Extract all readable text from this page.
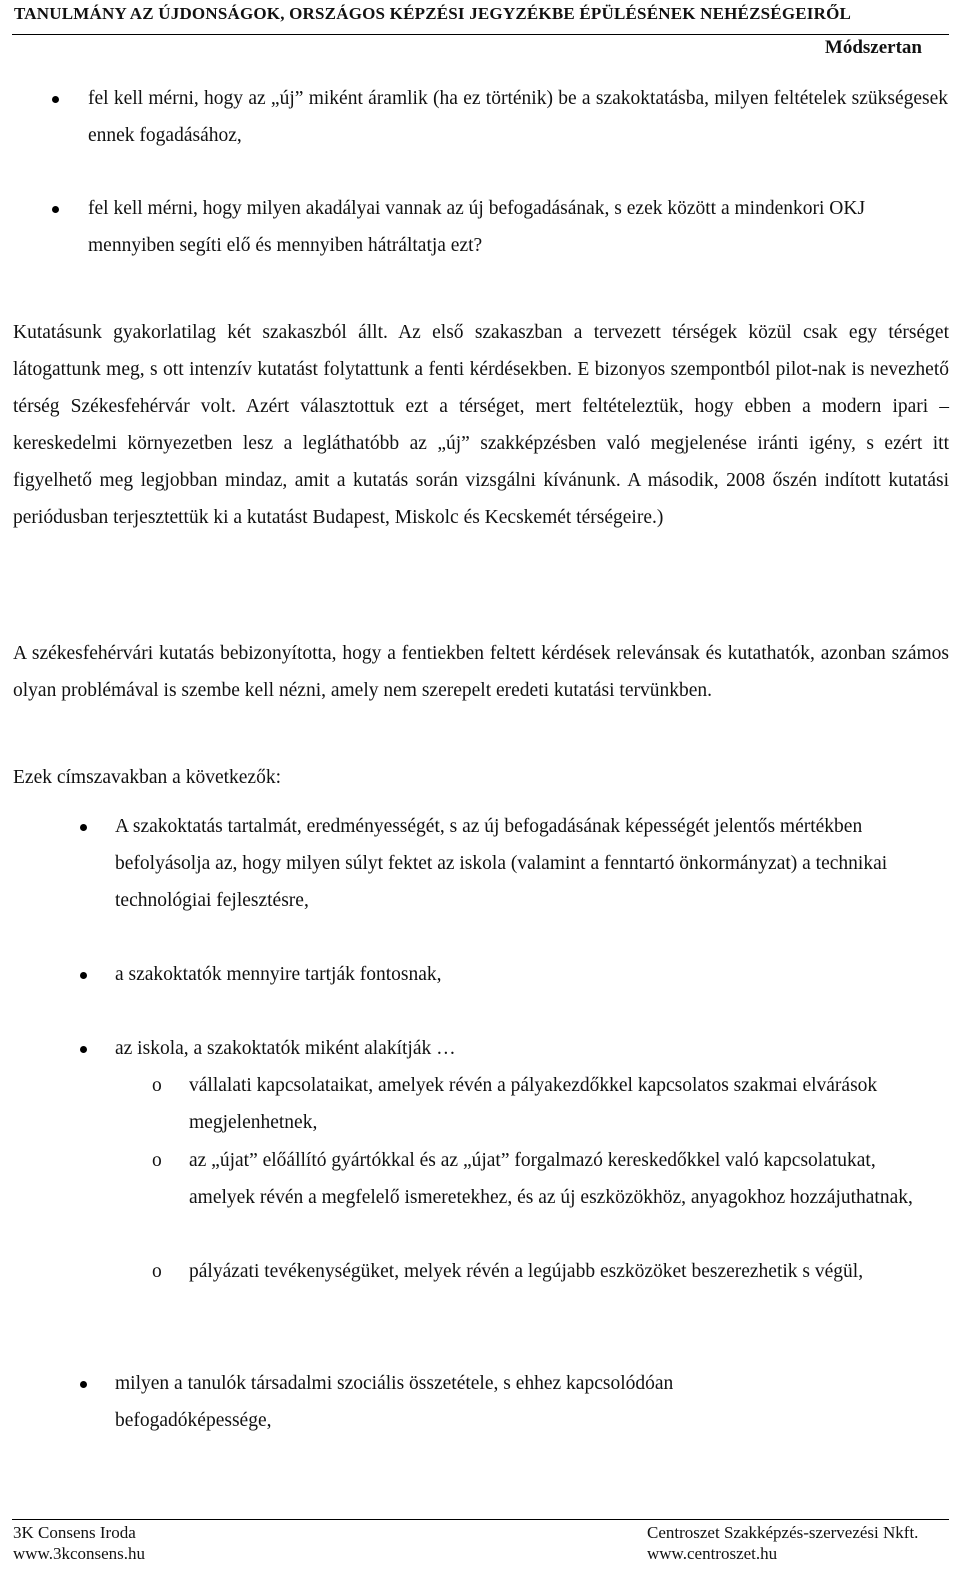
TANULMÁNY AZ ÚJDONSÁGOK, ORSZÁGOS KÉPZÉSI JEGYZÉKBE ÉPÜLÉSÉNEK NEHÉZSÉGEIRŐL
Módszertan
fel kell mérni, hogy az „új” miként áramlik (ha ez történik) be a szakoktatásba, milyen feltételek szükségesek ennek fogadásához,
fel kell mérni, hogy milyen akadályai vannak az új befogadásának, s ezek között a mindenkori OKJ mennyiben segíti elő és mennyiben hátráltatja ezt?
Kutatásunk gyakorlatilag két szakaszból állt. Az első szakaszban a tervezett térségek közül csak egy térséget látogattunk meg, s ott intenzív kutatást folytattunk a fenti kérdésekben. E bizonyos szempontból pilot-nak is nevezhető térség Székesfehérvár volt. Azért választottuk ezt a térséget, mert feltételeztük, hogy ebben a modern ipari –kereskedelmi környezetben lesz a legláthatóbb az „új” szakképzésben való megjelenése iránti igény, s ezért itt figyelhető meg legjobban mindaz, amit a kutatás során vizsgálni kívánunk. A második, 2008 őszén indított kutatási periódusban terjesztettük ki a kutatást Budapest, Miskolc és Kecskemét térségeire.)
A székesfehérvári kutatás bebizonyította, hogy a fentiekben feltett kérdések relevánsak és kutathatók, azonban számos olyan problémával is szembe kell nézni, amely nem szerepelt eredeti kutatási tervünkben.
Ezek címszavakban a következők:
A szakoktatás tartalmát, eredményességét, s az új befogadásának képességét jelentős mértékben befolyásolja az, hogy milyen súlyt fektet az iskola (valamint a fenntartó önkormányzat) a technikai technológiai fejlesztésre,
a szakoktatók mennyire tartják fontosnak,
az iskola, a szakoktatók miként alakítják …
o vállalati kapcsolataikat, amelyek révén a pályakezdőkkel kapcsolatos szakmai elvárások megjelenhetnek,
o az „újat” előállító gyártókkal és az „újat” forgalmazó kereskedőkkel való kapcsolatukat, amelyek révén a megfelelő ismeretekhez, és az új eszközökhöz, anyagokhoz hozzájuthatnak,
o pályázati tevékenységüket, melyek révén a legújabb eszközöket beszerezhetik s végül,
milyen a tanulók társadalmi szociális összetétele, s ehhez kapcsolódóan befogadóképessége,
3K Consens Iroda
www.3kconsens.hu
Centroszet Szakképzés-szervezési Nkft.
www.centroszet.hu
